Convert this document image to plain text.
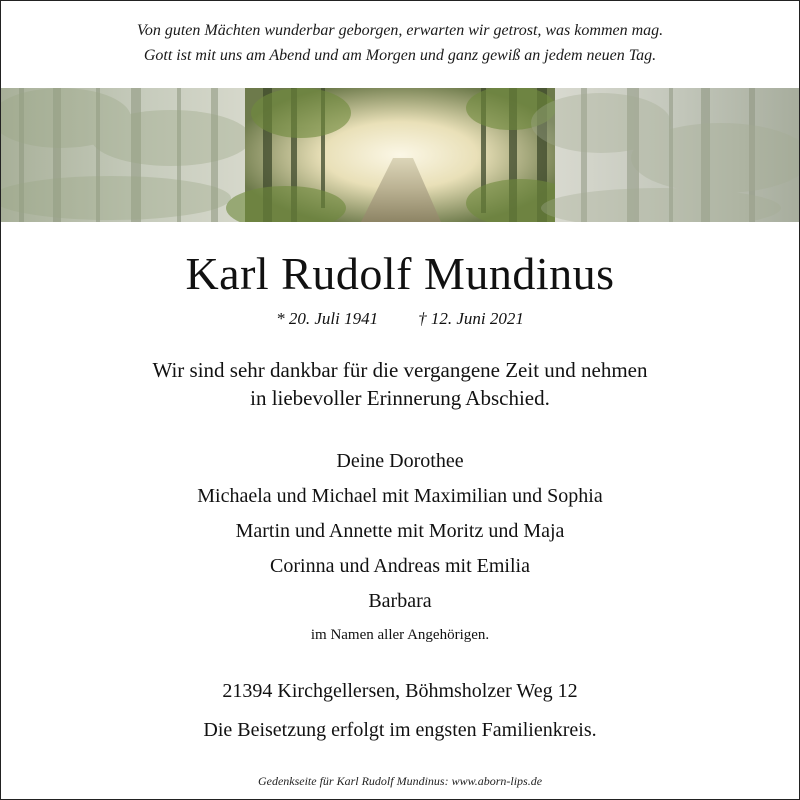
Von guten Mächten wunderbar geborgen, erwarten wir getrost, was kommen mag.
Gott ist mit uns am Abend und am Morgen und ganz gewiß an jedem neuen Tag.
Karl Rudolf Mundinus
* 20. Juli 1941 † 12. Juni 2021
Wir sind sehr dankbar für die vergangene Zeit und nehmen
in liebevoller Erinnerung Abschied.
Deine Dorothee
Michaela und Michael mit Maximilian und Sophia
Martin und Annette mit Moritz und Maja
Corinna und Andreas mit Emilia
Barbara
im Namen aller Angehörigen.
21394 Kirchgellersen, Böhmsholzer Weg 12
Die Beisetzung erfolgt im engsten Familienkreis.
Gedenkseite für Karl Rudolf Mundinus: www.aborn-lips.de
